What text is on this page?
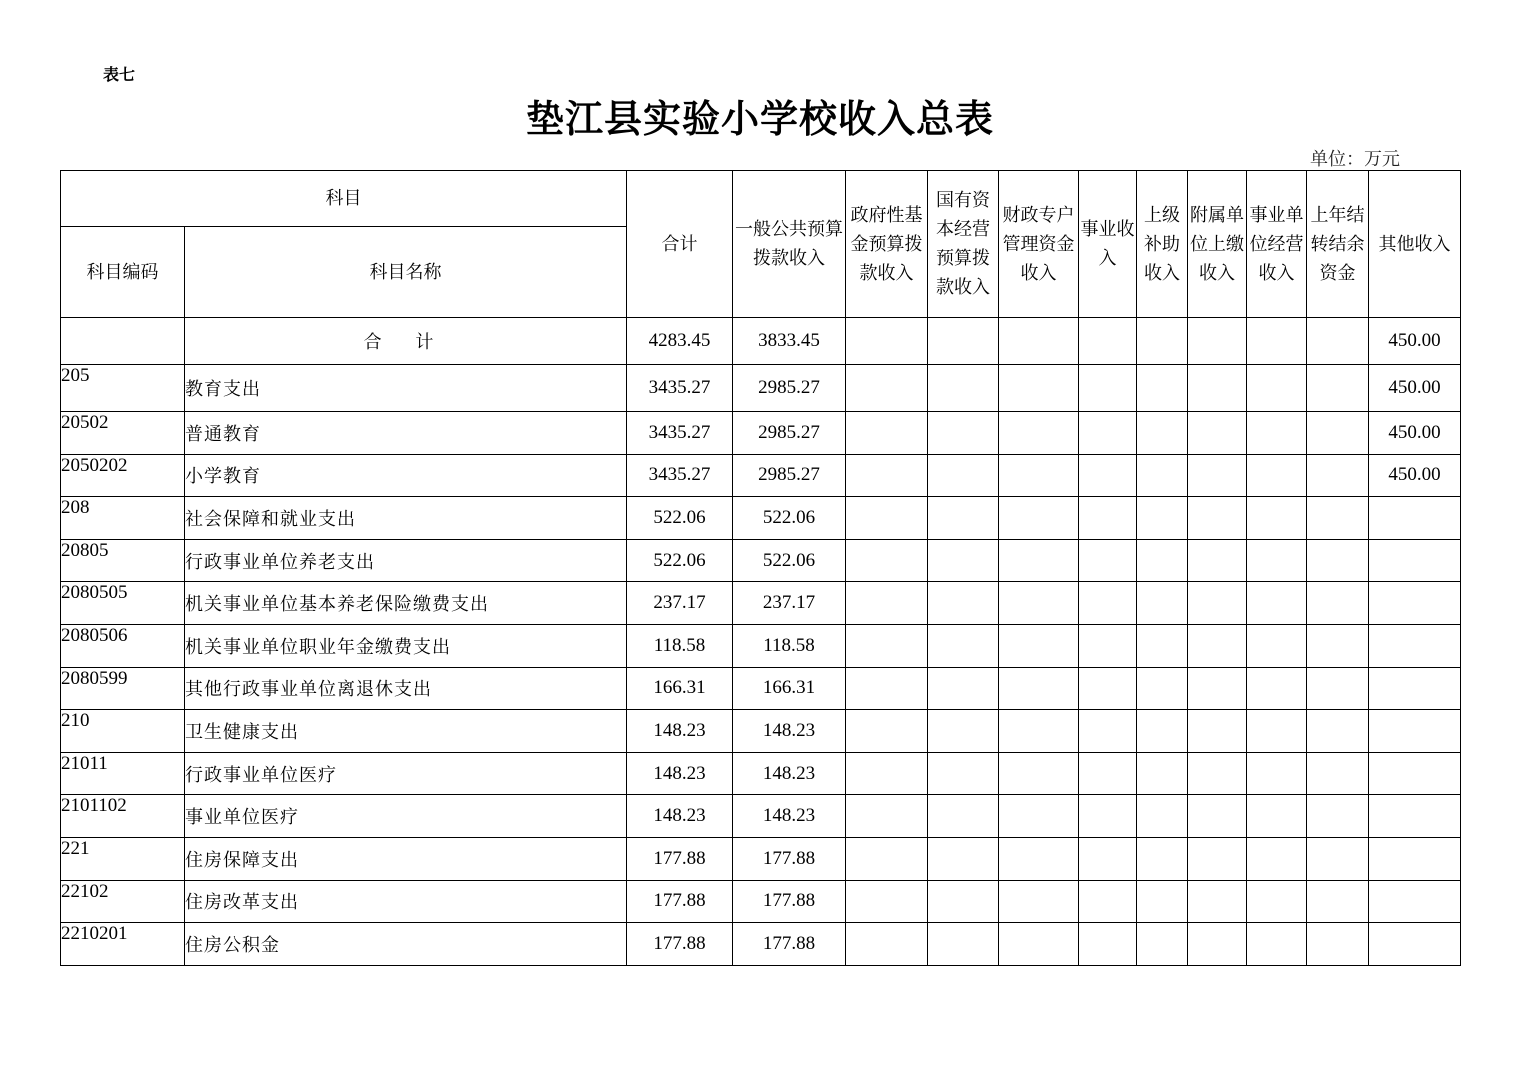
表七
垫江县实验小学校收入总表
单位：万元
科目		合计	一般公共预算拨款收入	政府性基金预算拨款收入	国有资本经营预算拨款收入	财政专户管理资金收入	事业收入	上级补助收入	附属单位上缴收入	事业单位经营收入	上年结转结余资金	其他收入
科目编码	科目名称											
	合 计	4283.45	3833.45									450.00
205	教育支出	3435.27	2985.27									450.00
20502	普通教育	3435.27	2985.27									450.00
2050202	小学教育	3435.27	2985.27									450.00
208	社会保障和就业支出	522.06	522.06									
20805	行政事业单位养老支出	522.06	522.06									
2080505	机关事业单位基本养老保险缴费支出	237.17	237.17									
2080506	机关事业单位职业年金缴费支出	118.58	118.58									
2080599	其他行政事业单位离退休支出	166.31	166.31									
210	卫生健康支出	148.23	148.23									
21011	行政事业单位医疗	148.23	148.23									
2101102	事业单位医疗	148.23	148.23									
221	住房保障支出	177.88	177.88									
22102	住房改革支出	177.88	177.88									
2210201	住房公积金	177.88	177.88									
